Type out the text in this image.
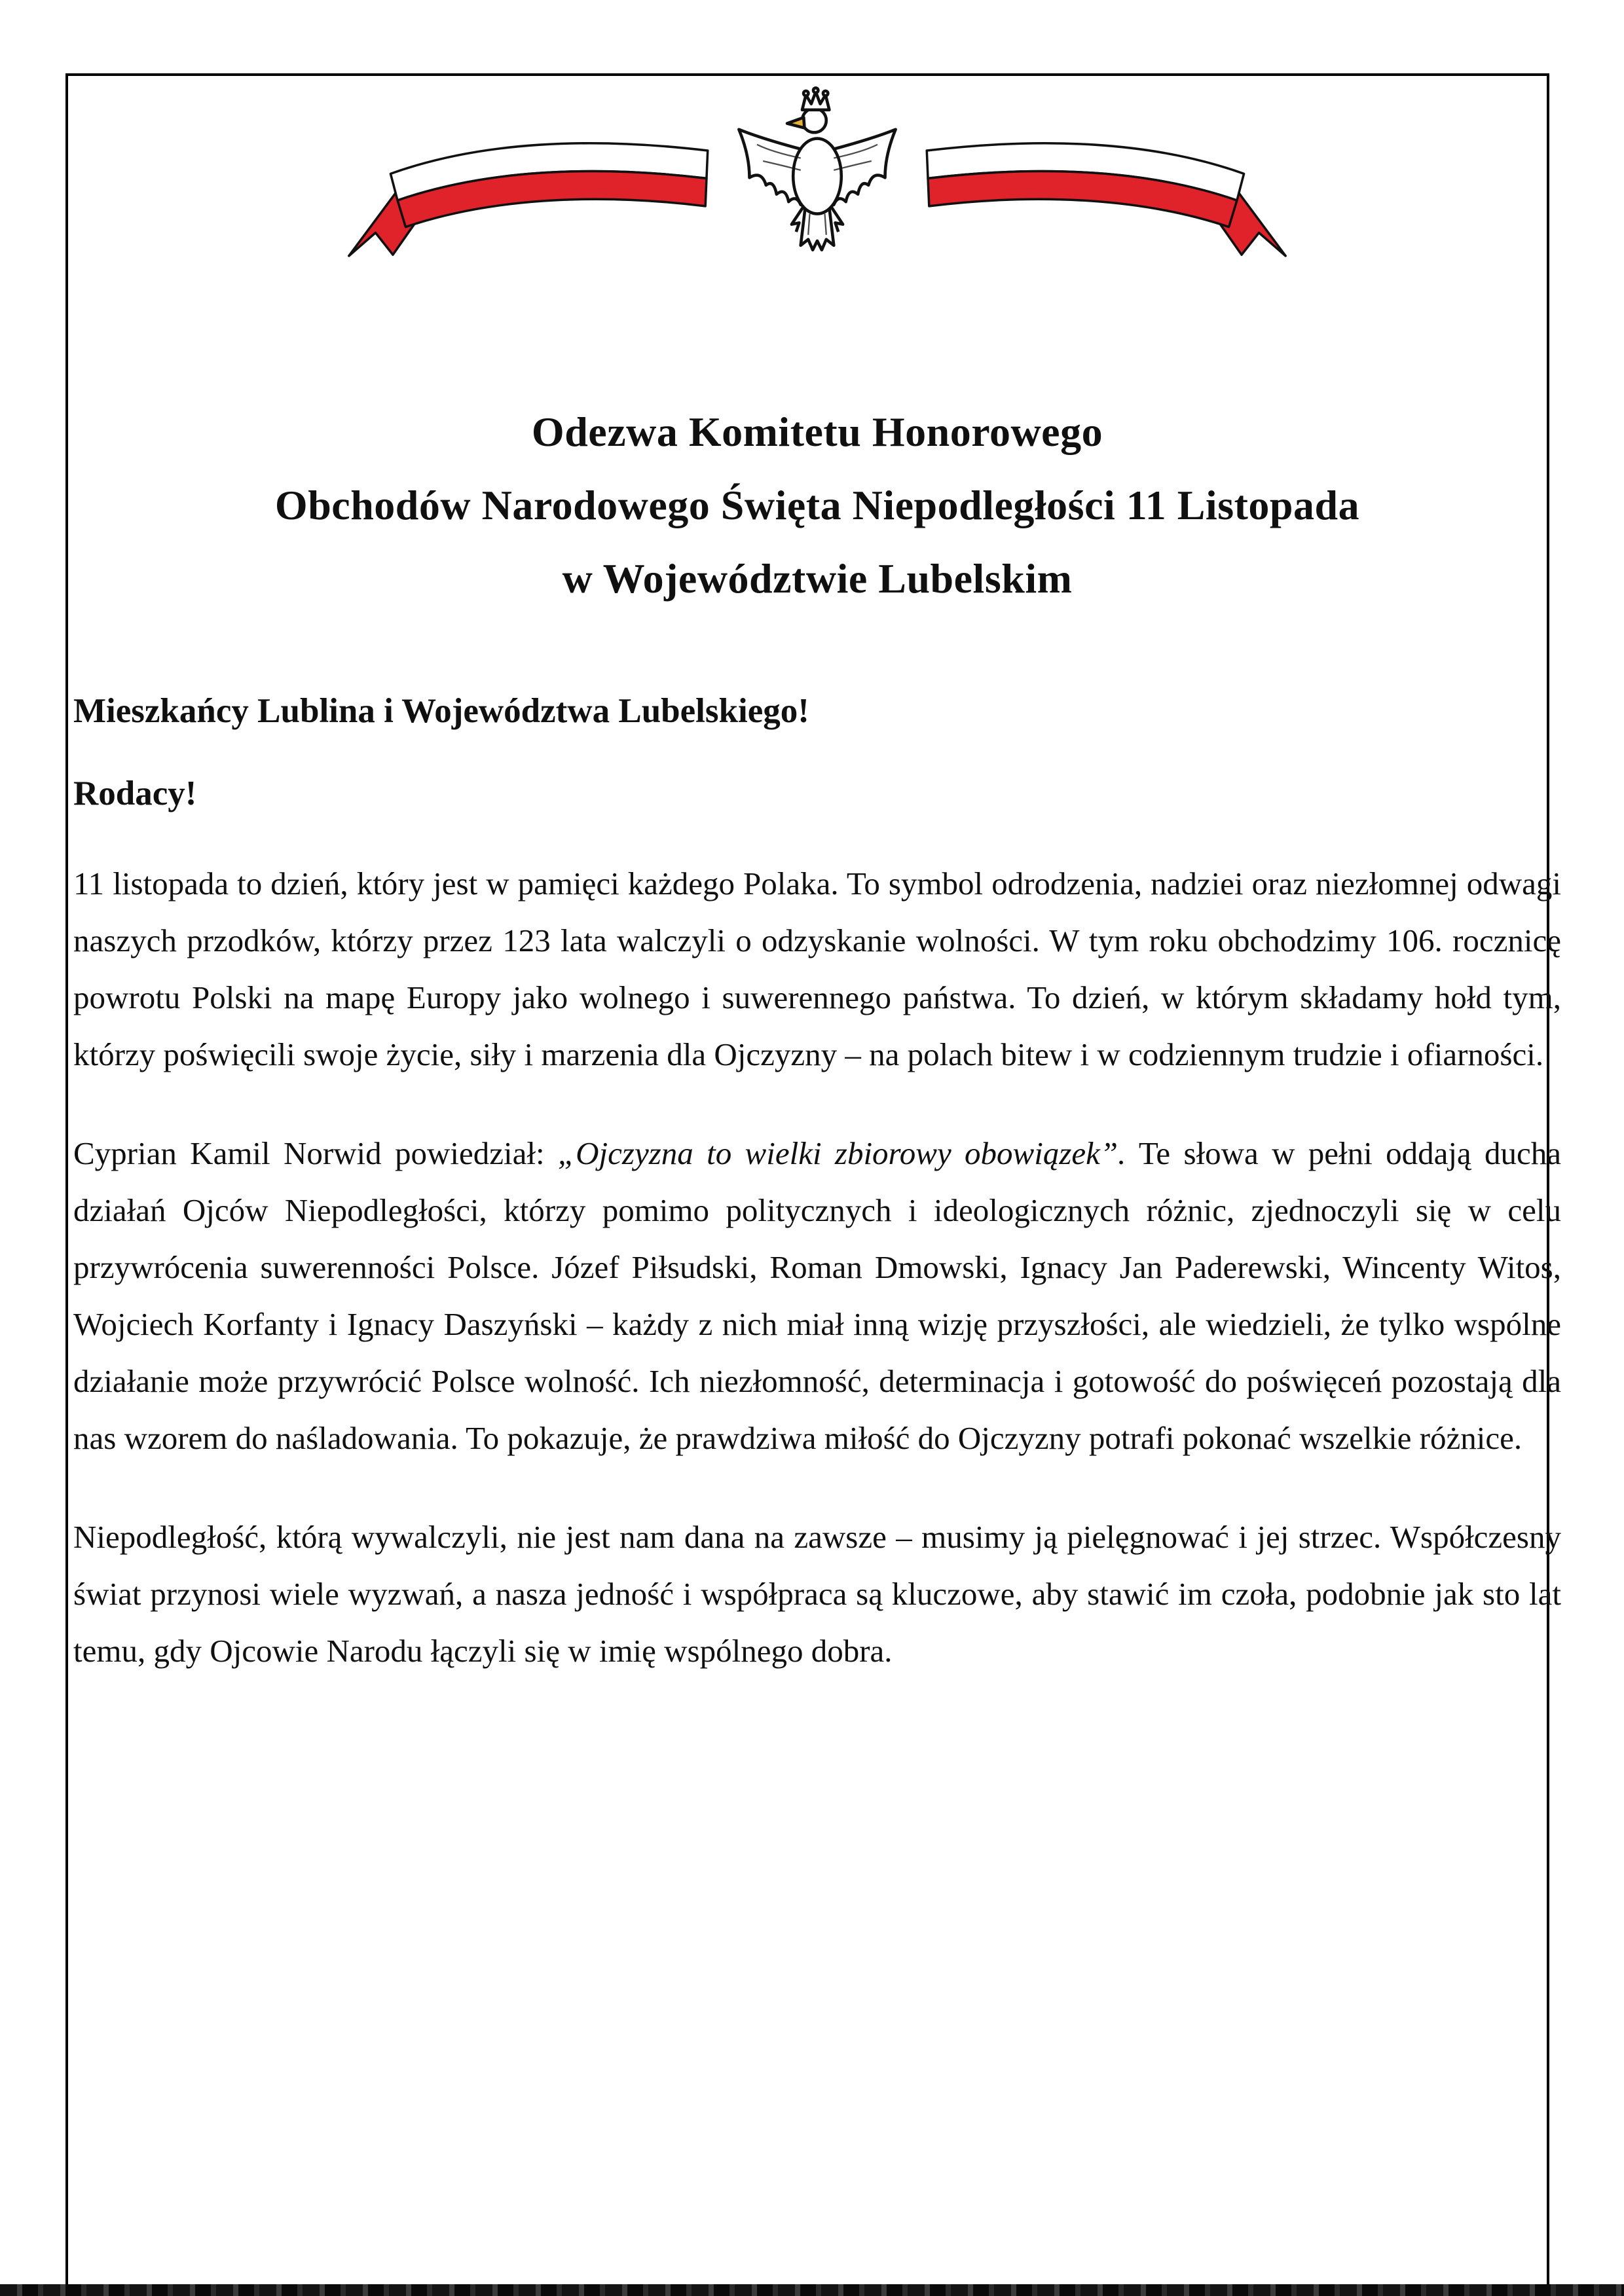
Odezwa Komitetu Honorowego
Obchodów Narodowego Święta Niepodległości 11 Listopada
w Województwie Lubelskim
Mieszkańcy Lublina i Województwa Lubelskiego!
Rodacy!

11 listopada to dzień, który jest w pamięci każdego Polaka. To symbol odrodzenia, nadziei oraz niezłomnej odwagi naszych przodków, którzy przez 123 lata walczyli o odzyskanie wolności. W tym roku obchodzimy 106. rocznicę powrotu Polski na mapę Europy jako wolnego i suwerennego państwa. To dzień, w którym składamy hołd tym, którzy poświęcili swoje życie, siły i marzenia dla Ojczyzny – na polach bitew i w codziennym trudzie i ofiarności.

Cyprian Kamil Norwid powiedział: „Ojczyzna to wielki zbiorowy obowiązek”. Te słowa w pełni oddają ducha działań Ojców Niepodległości, którzy pomimo politycznych i ideologicznych różnic, zjednoczyli się w celu przywrócenia suwerenności Polsce. Józef Piłsudski, Roman Dmowski, Ignacy Jan Paderewski, Wincenty Witos, Wojciech Korfanty i Ignacy Daszyński – każdy z nich miał inną wizję przyszłości, ale wiedzieli, że tylko wspólne działanie może przywrócić Polsce wolność. Ich niezłomność, determinacja i gotowość do poświęceń pozostają dla nas wzorem do naśladowania. To pokazuje, że prawdziwa miłość do Ojczyzny potrafi pokonać wszelkie różnice.

Niepodległość, którą wywalczyli, nie jest nam dana na zawsze – musimy ją pielęgnować i jej strzec. Współczesny świat przynosi wiele wyzwań, a nasza jedność i współpraca są kluczowe, aby stawić im czoła, podobnie jak sto lat temu, gdy Ojcowie Narodu łączyli się w imię wspólnego dobra.
